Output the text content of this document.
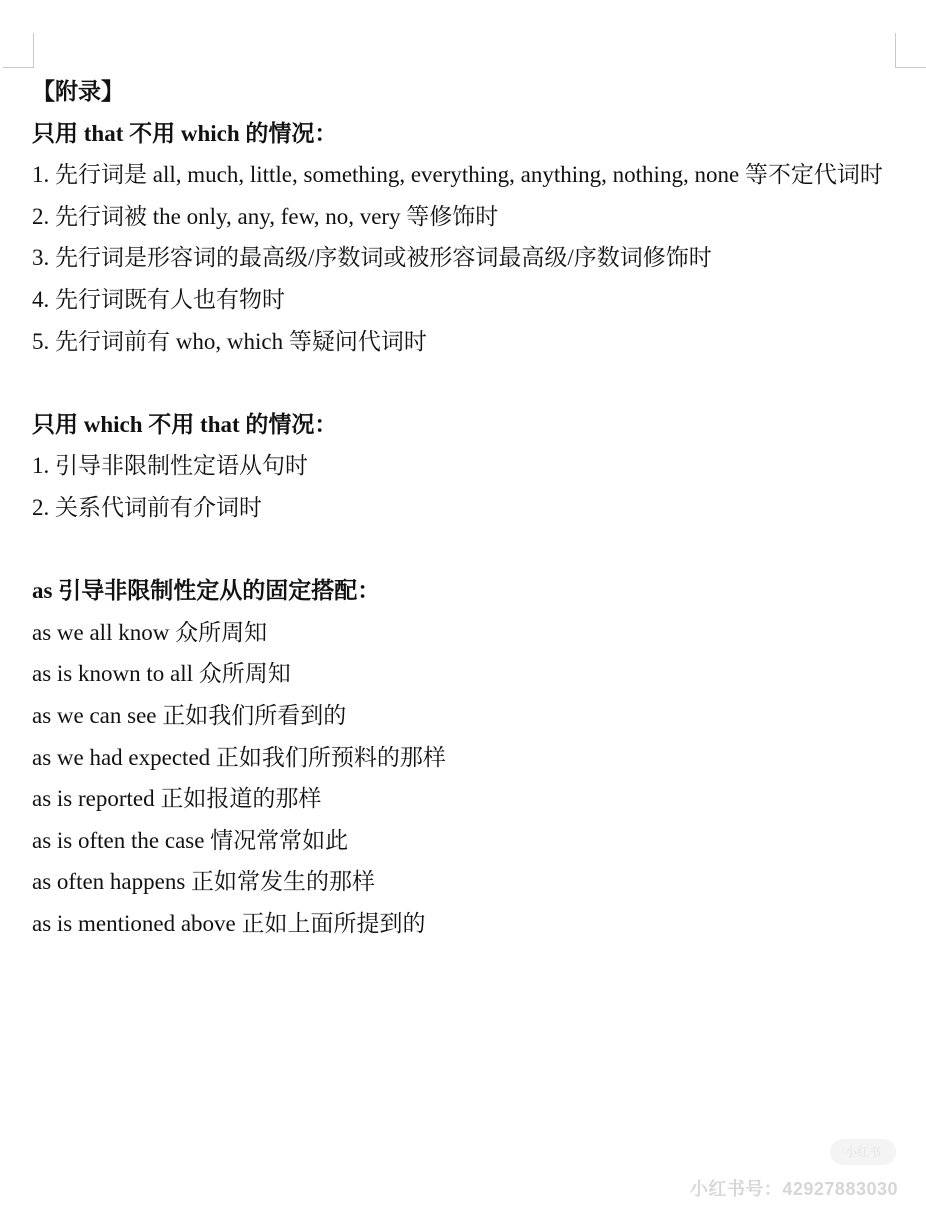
【附录】
只用 that 不用 which 的情况：
1. 先行词是 all, much, little, something, everything, anything, nothing, none 等不定代词时
2. 先行词被 the only, any, few, no, very 等修饰时
3. 先行词是形容词的最高级/序数词或被形容词最高级/序数词修饰时
4. 先行词既有人也有物时
5. 先行词前有 who, which 等疑问代词时
只用 which 不用 that 的情况：
1. 引导非限制性定语从句时
2. 关系代词前有介词时
as 引导非限制性定从的固定搭配：
as we all know 众所周知
as is known to all 众所周知
as we can see 正如我们所看到的
as we had expected 正如我们所预料的那样
as is reported 正如报道的那样
as is often the case 情况常常如此
as often happens 正如常发生的那样
as is mentioned above 正如上面所提到的
小红书
小红书号：42927883030
